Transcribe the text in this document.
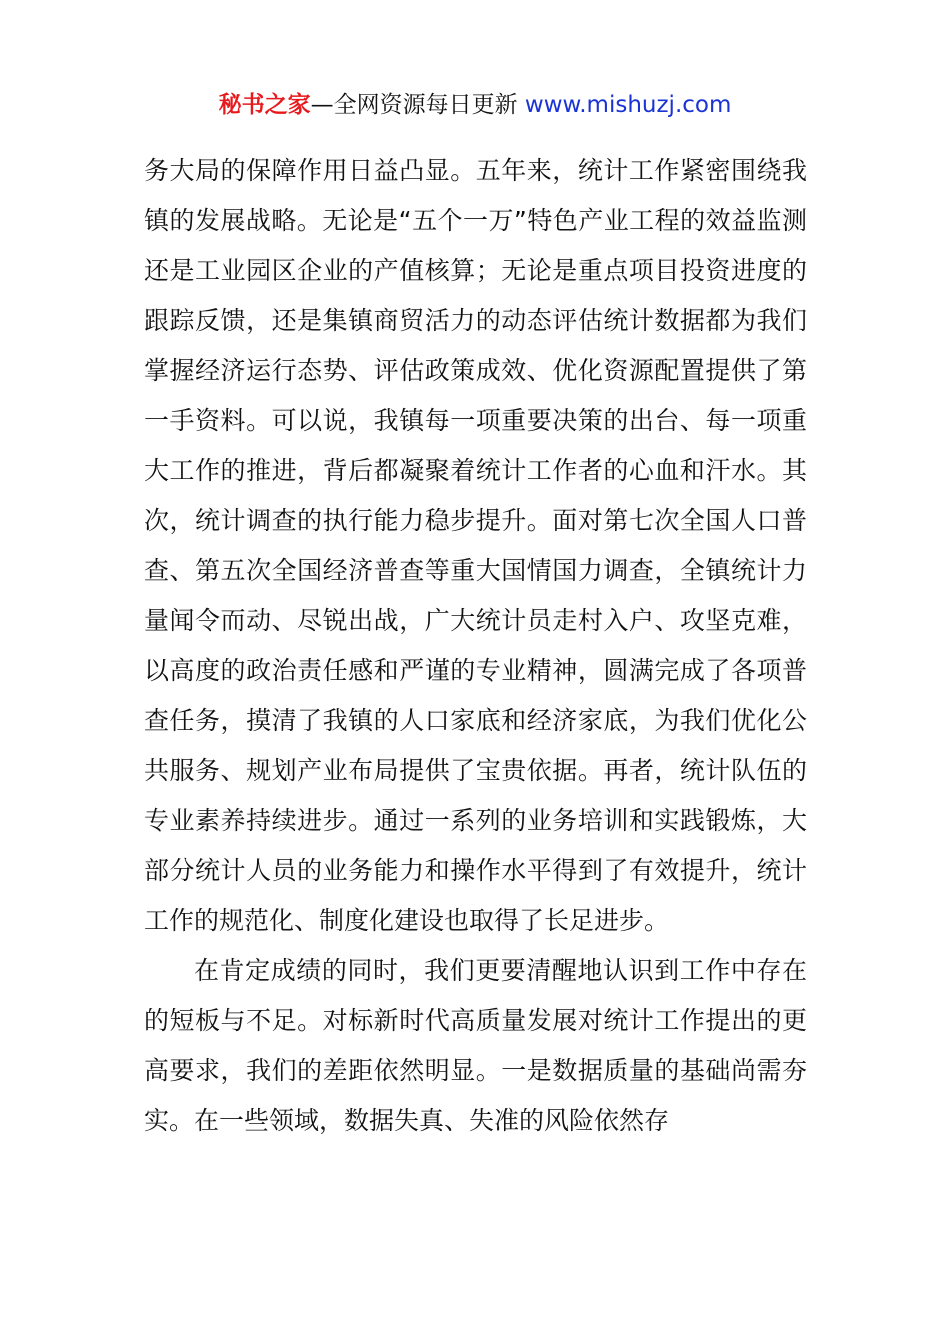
秘书之家—全网资源每日更新 www.mishuzj.com

务大局的保障作用日益凸显。五年来，统计工作紧密围绕我镇的发展战略。无论是“五个一万”特色产业工程的效益监测还是工业园区企业的产值核算；无论是重点项目投资进度的跟踪反馈，还是集镇商贸活力的动态评估统计数据都为我们掌握经济运行态势、评估政策成效、优化资源配置提供了第一手资料。可以说，我镇每一项重要决策的出台、每一项重大工作的推进，背后都凝聚着统计工作者的心血和汗水。其次，统计调查的执行能力稳步提升。面对第七次全国人口普查、第五次全国经济普查等重大国情国力调查，全镇统计力量闻令而动、尽锐出战，广大统计员走村入户、攻坚克难，以高度的政治责任感和严谨的专业精神，圆满完成了各项普查任务，摸清了我镇的人口家底和经济家底，为我们优化公共服务、规划产业布局提供了宝贵依据。再者，统计队伍的专业素养持续进步。通过一系列的业务培训和实践锻炼，大部分统计人员的业务能力和操作水平得到了有效提升，统计工作的规范化、制度化建设也取得了长足进步。

在肯定成绩的同时，我们更要清醒地认识到工作中存在的短板与不足。对标新时代高质量发展对统计工作提出的更高要求，我们的差距依然明显。一是数据质量的基础尚需夯实。在一些领域，数据失真、失准的风险依然存
